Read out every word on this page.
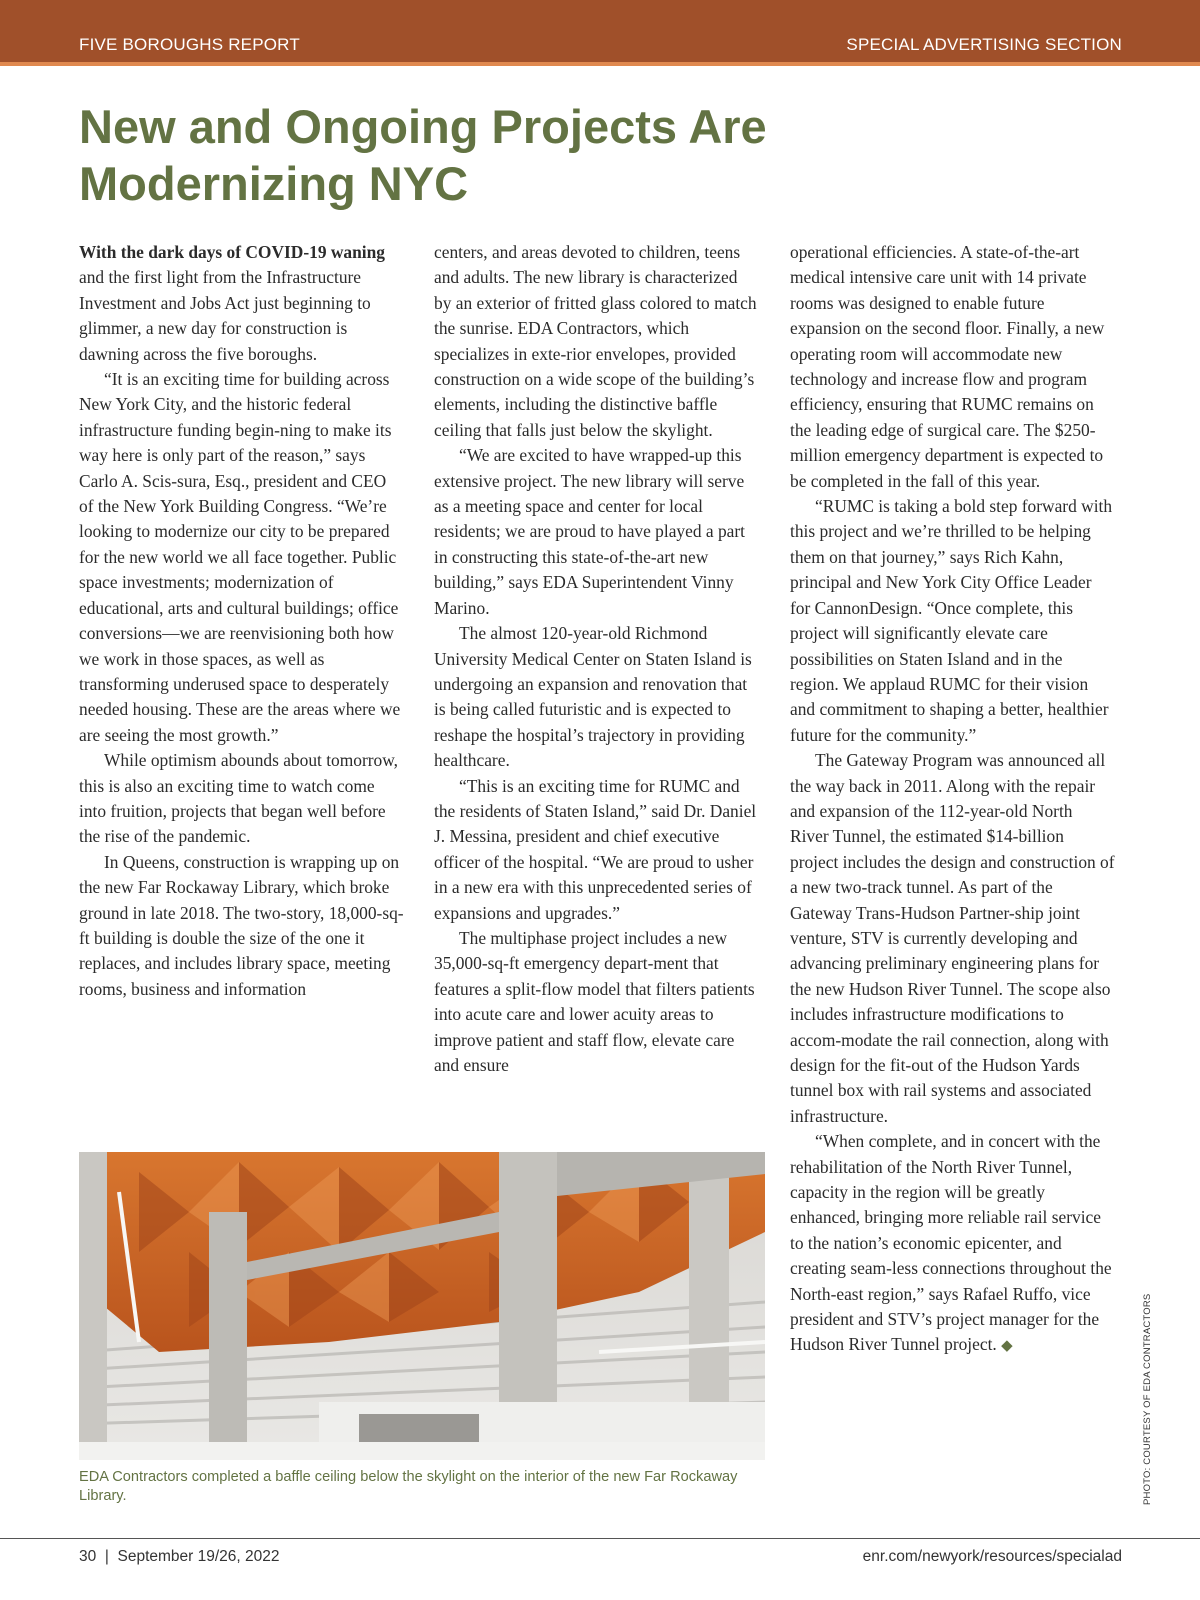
FIVE BOROUGHS REPORT	SPECIAL ADVERTISING SECTION
New and Ongoing Projects Are Modernizing NYC

With the dark days of COVID-19 waning and the first light from the Infrastructure Investment and Jobs Act just beginning to glimmer, a new day for construction is dawning across the five boroughs.

“It is an exciting time for building across New York City, and the historic federal infrastructure funding begin-ning to make its way here is only part of the reason,” says Carlo A. Scis-sura, Esq., president and CEO of the New York Building Congress. “We’re looking to modernize our city to be prepared for the new world we all face together. Public space investments; modernization of educational, arts and cultural buildings; office conversions—we are reenvisioning both how we work in those spaces, as well as transforming underused space to desperately needed housing. These are the areas where we are seeing the most growth.”

While optimism abounds about tomorrow, this is also an exciting time to watch come into fruition, projects that began well before the rise of the pandemic.

In Queens, construction is wrapping up on the new Far Rockaway Library, which broke ground in late 2018. The two-story, 18,000-sq-ft building is double the size of the one it replaces, and includes library space, meeting rooms, business and information

centers, and areas devoted to children, teens and adults. The new library is characterized by an exterior of fritted glass colored to match the sunrise. EDA Contractors, which specializes in exte-rior envelopes, provided construction on a wide scope of the building’s elements, including the distinctive baffle ceiling that falls just below the skylight.

“We are excited to have wrapped-up this extensive project. The new library will serve as a meeting space and center for local residents; we are proud to have played a part in constructing this state-of-the-art new building,” says EDA Superintendent Vinny Marino.

The almost 120-year-old Richmond University Medical Center on Staten Island is undergoing an expansion and renovation that is being called futuristic and is expected to reshape the hospital’s trajectory in providing healthcare.

“This is an exciting time for RUMC and the residents of Staten Island,” said Dr. Daniel J. Messina, president and chief executive officer of the hospital. “We are proud to usher in a new era with this unprecedented series of expansions and upgrades.”

The multiphase project includes a new 35,000-sq-ft emergency depart-ment that features a split-flow model that filters patients into acute care and lower acuity areas to improve patient and staff flow, elevate care and ensure

operational efficiencies. A state-of-the-art medical intensive care unit with 14 private rooms was designed to enable future expansion on the second floor. Finally, a new operating room will accommodate new technology and increase flow and program efficiency, ensuring that RUMC remains on the leading edge of surgical care. The $250-million emergency department is expected to be completed in the fall of this year.

“RUMC is taking a bold step forward with this project and we’re thrilled to be helping them on that journey,” says Rich Kahn, principal and New York City Office Leader for CannonDesign. “Once complete, this project will significantly elevate care possibilities on Staten Island and in the region. We applaud RUMC for their vision and commitment to shaping a better, healthier future for the community.”

The Gateway Program was announced all the way back in 2011. Along with the repair and expansion of the 112-year-old North River Tunnel, the estimated $14-billion project includes the design and construction of a new two-track tunnel. As part of the Gateway Trans-Hudson Partner-ship joint venture, STV is currently developing and advancing preliminary engineering plans for the new Hudson River Tunnel. The scope also includes infrastructure modifications to accom-modate the rail connection, along with design for the fit-out of the Hudson Yards tunnel box with rail systems and associated infrastructure.

“When complete, and in concert with the rehabilitation of the North River Tunnel, capacity in the region will be greatly enhanced, bringing more reliable rail service to the nation’s economic epicenter, and creating seam-less connections throughout the North-east region,” says Rafael Ruffo, vice president and STV’s project manager for the Hudson River Tunnel project. ◆

EDA Contractors completed a baffle ceiling below the skylight on the interior of the new Far Rockaway Library.	PHOTO: COURTESY OF EDA CONTRACTORS
30  |  September 19/26, 2022	enr.com/newyork/resources/specialad
